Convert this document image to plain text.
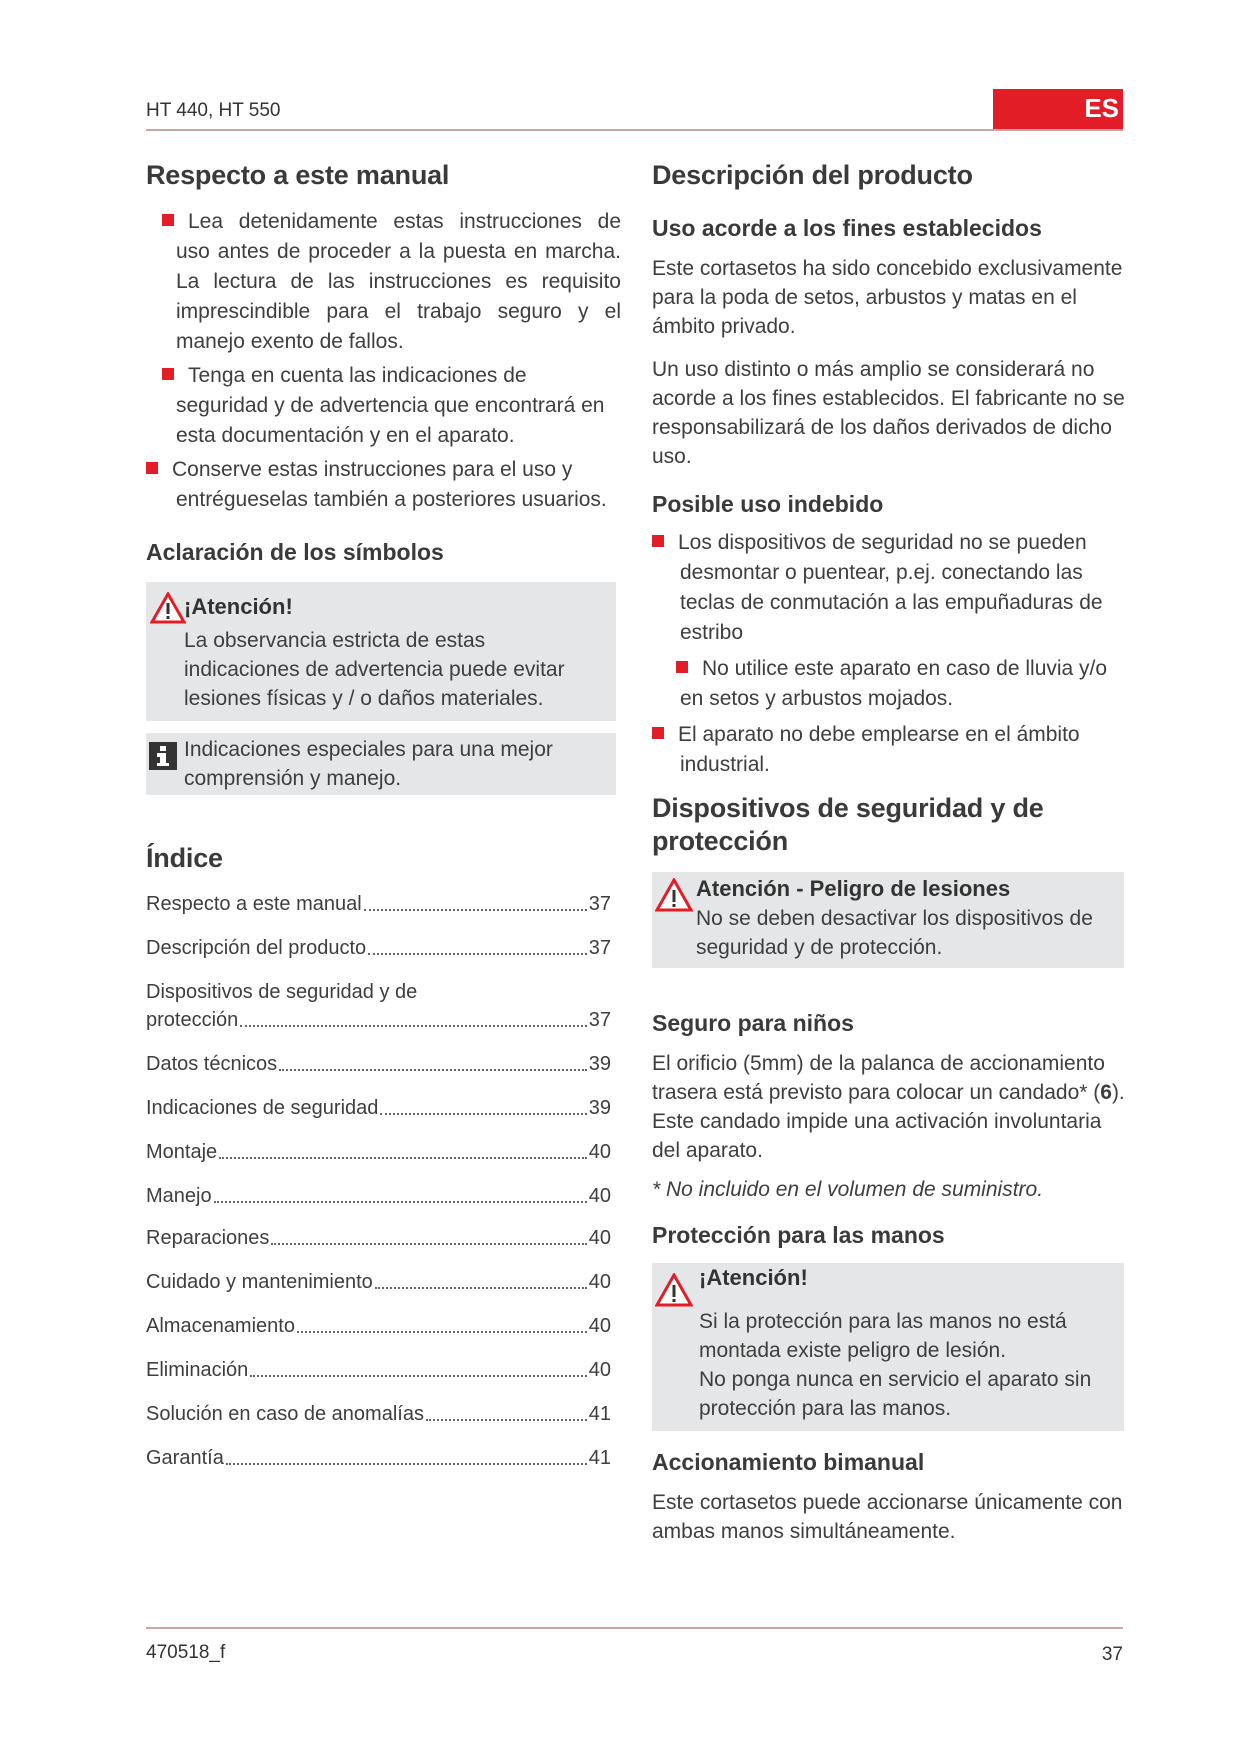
HT 440, HT 550	ES
Respecto a este manual
Lea detenidamente estas instrucciones de uso antes de proceder a la puesta en marcha. La lectura de las instrucciones es requisito imprescindible para el trabajo seguro y el manejo exento de fallos.
Tenga en cuenta las indicaciones de seguridad y de advertencia que encontrará en esta documentación y en el aparato.
Conserve estas instrucciones para el uso y entrégueselas también a posteriores usuarios.
Aclaración de los símbolos
¡Atención!

La observancia estricta de estas indicaciones de advertencia puede evitar lesiones físicas y / o daños materiales.

Indicaciones especiales para una mejor comprensión y manejo.

Índice
Respecto a este manual	37
Descripción del producto	37
Dispositivos de seguridad y de
protección	37
Datos técnicos	39
Indicaciones de seguridad	39
Montaje	40
Manejo	40
Reparaciones	40
Cuidado y mantenimiento	40
Almacenamiento	40
Eliminación	40
Solución en caso de anomalías	41
Garantía	41
Descripción del producto
Uso acorde a los fines establecidos

Este cortasetos ha sido concebido exclusivamente para la poda de setos, arbustos y matas en el ámbito privado.

Un uso distinto o más amplio se considerará no acorde a los fines establecidos. El fabricante no se responsabilizará de los daños derivados de dicho uso.

Posible uso indebido
Los dispositivos de seguridad no se pueden desmontar o puentear, p.ej. conectando las teclas de conmutación a las empuñaduras de estribo
No utilice este aparato en caso de lluvia y/o en setos y arbustos mojados.
El aparato no debe emplearse en el ámbito industrial.
Dispositivos de seguridad y de protección
Atención - Peligro de lesiones

No se deben desactivar los dispositivos de seguridad y de protección.

Seguro para niños

El orificio (5mm) de la palanca de accionamiento trasera está previsto para colocar un candado* (6). Este candado impide una activación involuntaria del aparato.

* No incluido en el volumen de suministro.

Protección para las manos
¡Atención!

Si la protección para las manos no está montada existe peligro de lesión.

No ponga nunca en servicio el aparato sin protección para las manos.

Accionamiento bimanual

Este cortasetos puede accionarse únicamente con ambas manos simultáneamente.

470518_f	37
